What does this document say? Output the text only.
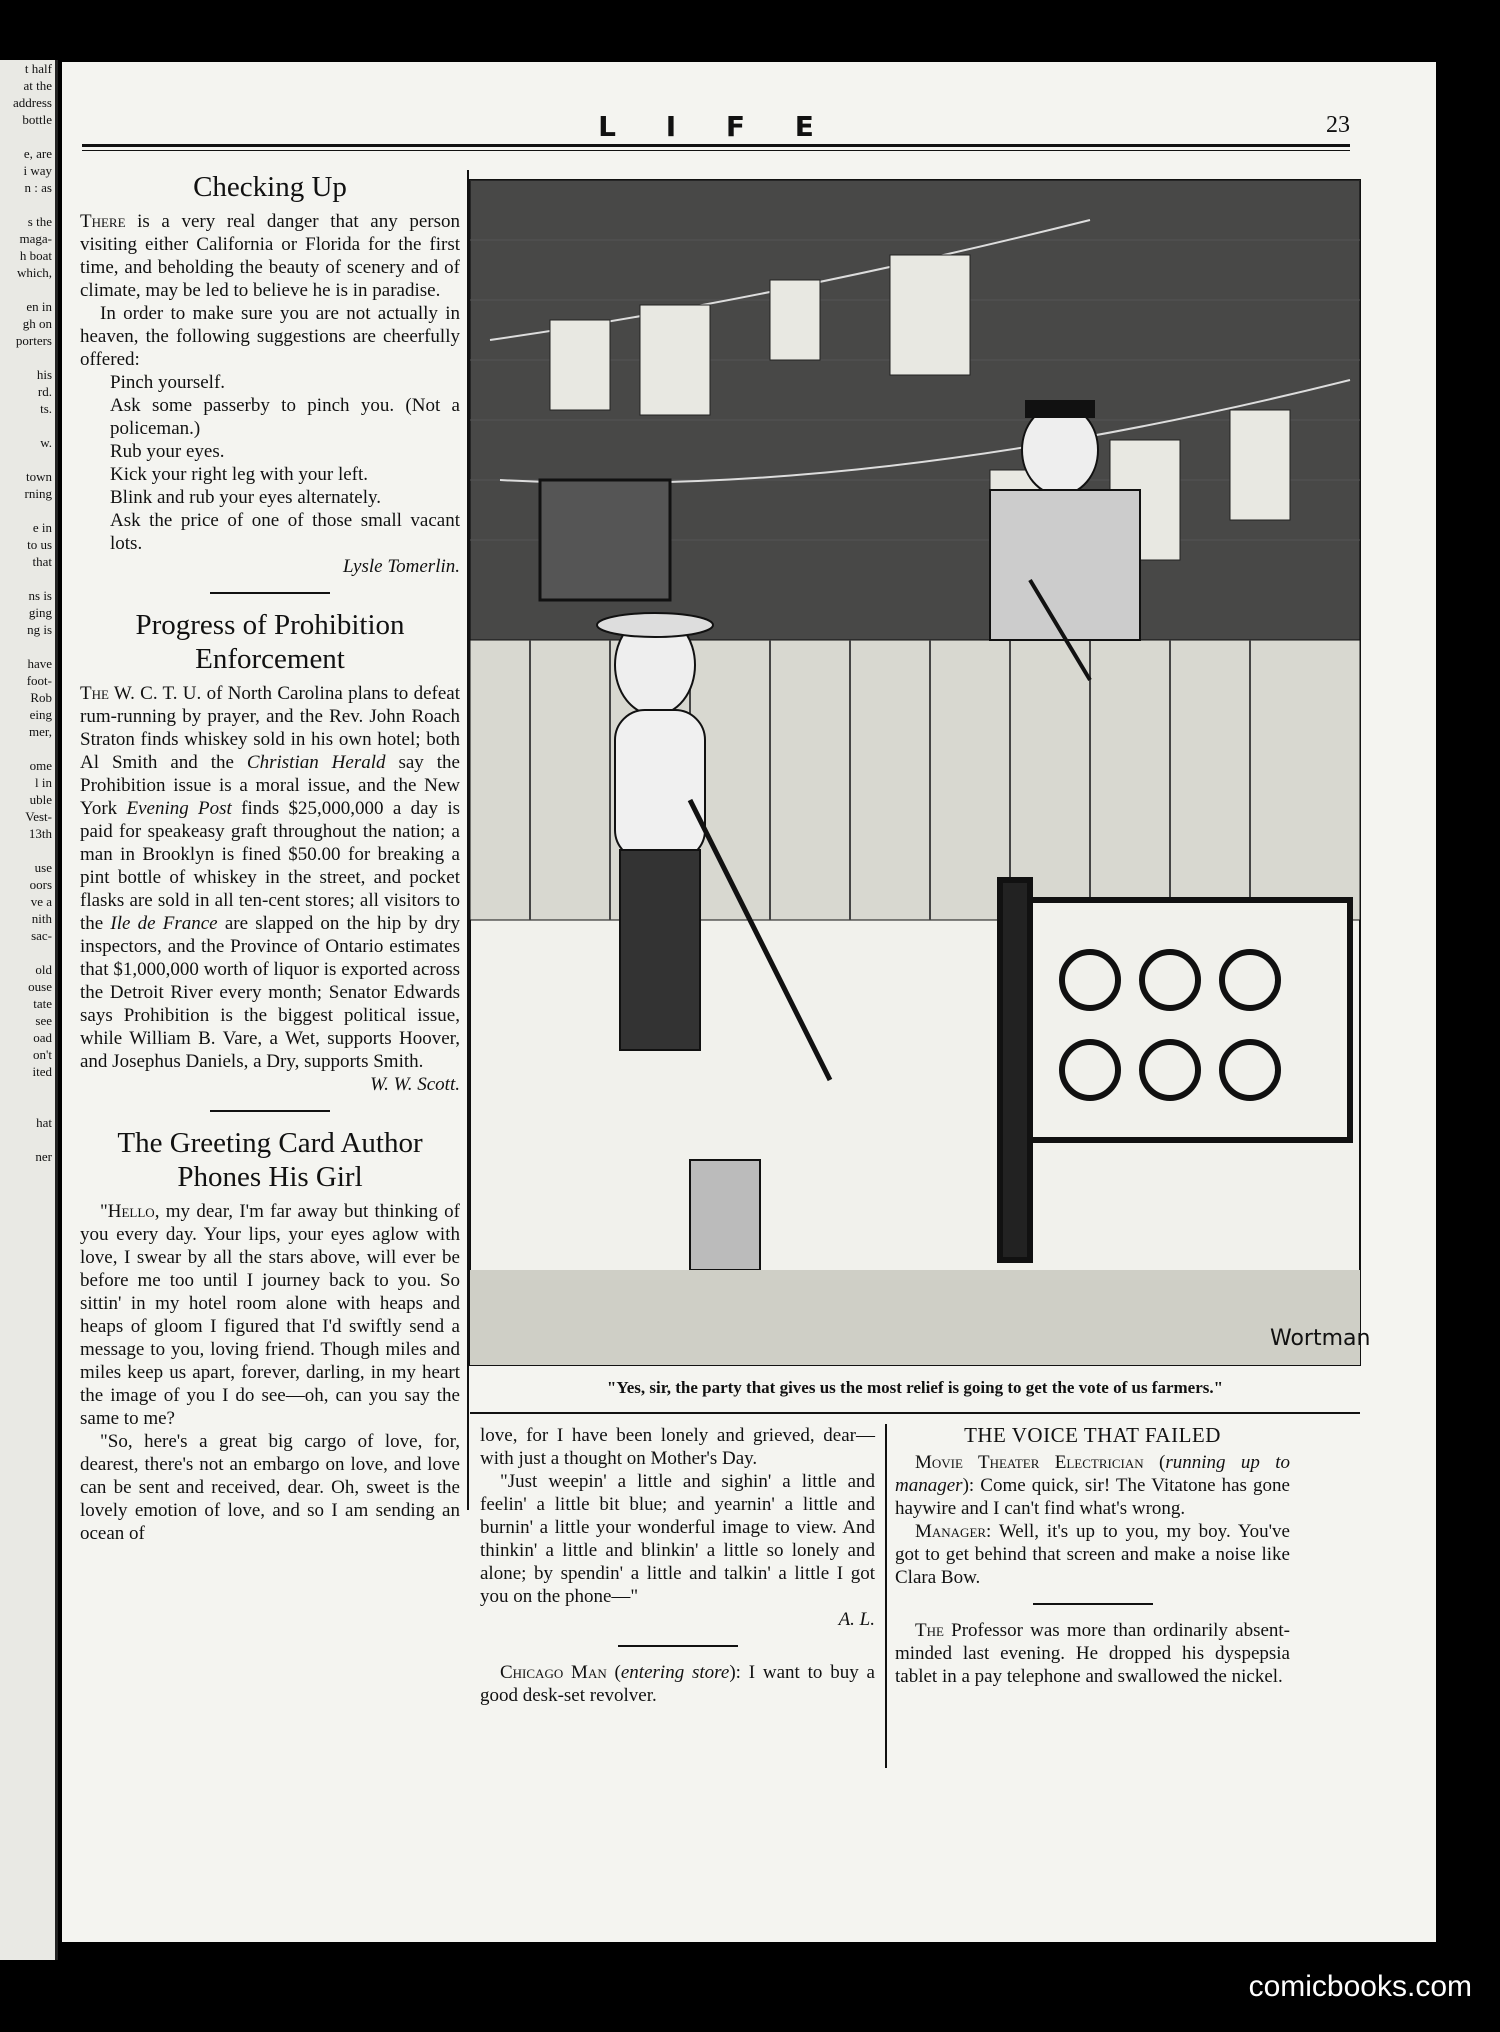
t half
at the
address
bottle

e, are
i way
n : as

s the
maga-
h boat
which,

en in
gh on
porters

his
rd.
ts.

w.

town
rning

e in
to us
that

ns is
ging
ng is

have
foot-
Rob
eing
mer,

ome
l in
uble
Vest-
13th

use
oors
ve a
nith
sac-

old
ouse
tate
see
oad
on't
ited

hat

ner
L I F E	23
Checking Up

There is a very real danger that any person visiting either California or Florida for the first time, and beholding the beauty of scenery and of climate, may be led to believe he is in paradise.

In order to make sure you are not actually in heaven, the following suggestions are cheerfully offered:

Pinch yourself.

Ask some passerby to pinch you. (Not a policeman.)

Rub your eyes.

Kick your right leg with your left.

Blink and rub your eyes alternately.

Ask the price of one of those small vacant lots.

Lysle Tomerlin.

Progress of Prohibition Enforcement

The W. C. T. U. of North Carolina plans to defeat rum-running by prayer, and the Rev. John Roach Straton finds whiskey sold in his own hotel; both Al Smith and the Christian Herald say the Prohibition issue is a moral issue, and the New York Evening Post finds $25,000,000 a day is paid for speakeasy graft throughout the nation; a man in Brooklyn is fined $50.00 for breaking a pint bottle of whiskey in the street, and pocket flasks are sold in all ten-cent stores; all visitors to the Ile de France are slapped on the hip by dry inspectors, and the Province of Ontario estimates that $1,000,000 worth of liquor is exported across the Detroit River every month; Senator Edwards says Prohibition is the biggest political issue, while William B. Vare, a Wet, supports Hoover, and Josephus Daniels, a Dry, supports Smith.

W. W. Scott.

The Greeting Card Author Phones His Girl

"Hello, my dear, I'm far away but thinking of you every day. Your lips, your eyes aglow with love, I swear by all the stars above, will ever be before me too until I journey back to you. So sittin' in my hotel room alone with heaps and heaps of gloom I figured that I'd swiftly send a message to you, loving friend. Though miles and miles keep us apart, forever, darling, in my heart the image of you I do see—oh, can you say the same to me?

"So, here's a great big cargo of love, for, dearest, there's not an embargo on love, and love can be sent and received, dear. Oh, sweet is the lovely emotion of love, and so I am sending an ocean of

Wortman
"Yes, sir, the party that gives us the most relief is going to get the vote of us farmers."

love, for I have been lonely and grieved, dear—with just a thought on Mother's Day.

"Just weepin' a little and sighin' a little and feelin' a little bit blue; and yearnin' a little and burnin' a little your wonderful image to view. And thinkin' a little and blinkin' a little so lonely and alone; by spendin' a little and talkin' a little I got you on the phone—"

A. L.

Chicago Man (entering store): I want to buy a good desk-set revolver.

THE VOICE THAT FAILED

Movie Theater Electrician (running up to manager): Come quick, sir! The Vitatone has gone haywire and I can't find what's wrong.

Manager: Well, it's up to you, my boy. You've got to get behind that screen and make a noise like Clara Bow.

The Professor was more than ordinarily absent-minded last evening. He dropped his dyspepsia tablet in a pay telephone and swallowed the nickel.

comicbooks.com
